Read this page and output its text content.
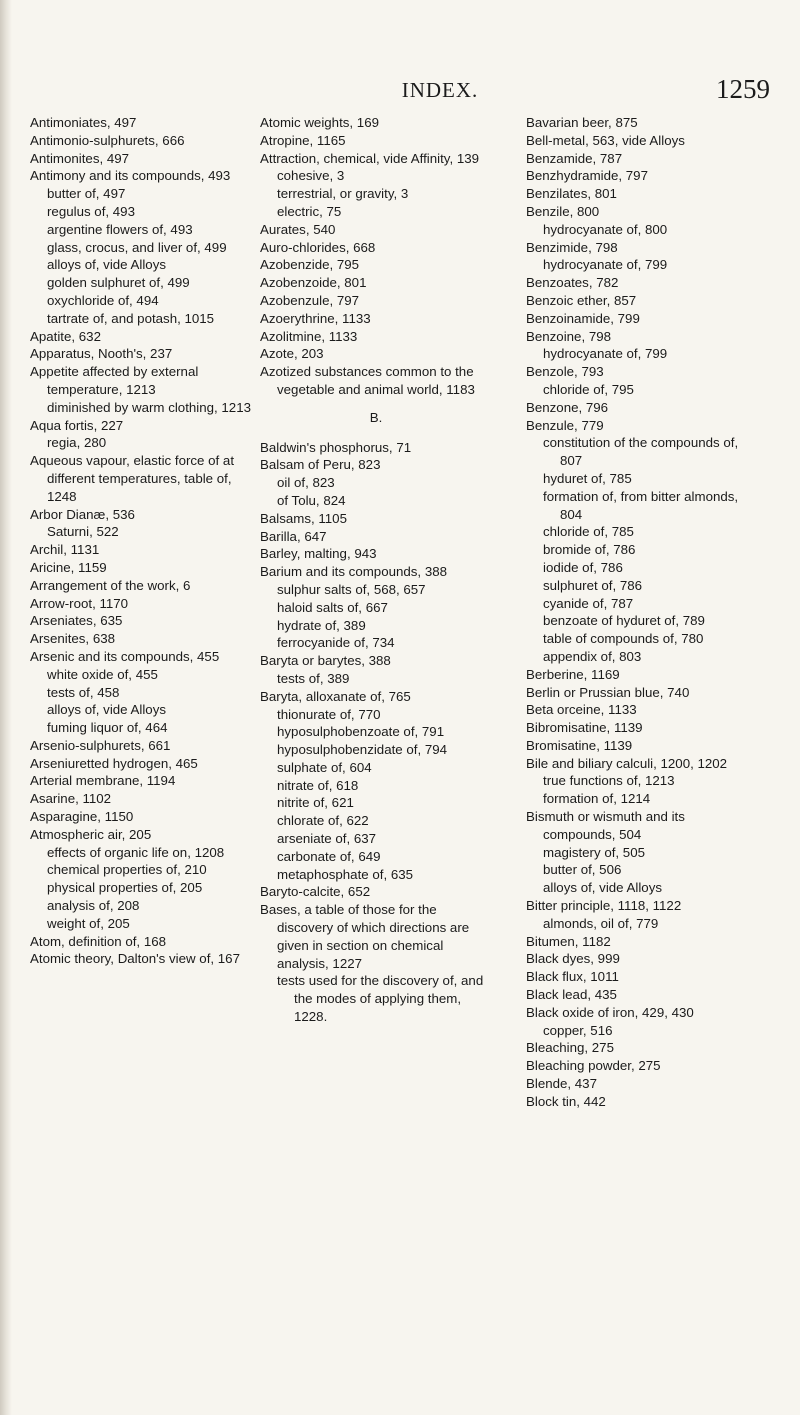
INDEX.	1259
Antimoniates, 497
Antimonio-sulphurets, 666
Antimonites, 497
Antimony and its compounds, 493
butter of, 497
regulus of, 493
argentine flowers of, 493
glass, crocus, and liver of, 499
alloys of, vide Alloys
golden sulphuret of, 499
oxychloride of, 494
tartrate of, and potash, 1015
Apatite, 632
Apparatus, Nooth's, 237
Appetite affected by external temperature, 1213
diminished by warm clothing, 1213
Aqua fortis, 227
regia, 280
Aqueous vapour, elastic force of at different temperatures, table of, 1248
Arbor Dianæ, 536
Saturni, 522
Archil, 1131
Aricine, 1159
Arrangement of the work, 6
Arrow-root, 1170
Arseniates, 635
Arsenites, 638
Arsenic and its compounds, 455
white oxide of, 455
tests of, 458
alloys of, vide Alloys
fuming liquor of, 464
Arsenio-sulphurets, 661
Arseniuretted hydrogen, 465
Arterial membrane, 1194
Asarine, 1102
Asparagine, 1150
Atmospheric air, 205
effects of organic life on, 1208
chemical properties of, 210
physical properties of, 205
analysis of, 208
weight of, 205
Atom, definition of, 168
Atomic theory, Dalton's view of, 167
Atomic weights, 169
Atropine, 1165
Attraction, chemical, vide Affinity, 139
cohesive, 3
terrestrial, or gravity, 3
electric, 75
Aurates, 540
Auro-chlorides, 668
Azobenzide, 795
Azobenzoide, 801
Azobenzule, 797
Azoerythrine, 1133
Azolitmine, 1133
Azote, 203
Azotized substances common to the vegetable and animal world, 1183
B.
Baldwin's phosphorus, 71
Balsam of Peru, 823
oil of, 823
of Tolu, 824
Balsams, 1105
Barilla, 647
Barley, malting, 943
Barium and its compounds, 388
sulphur salts of, 568, 657
haloid salts of, 667
hydrate of, 389
ferrocyanide of, 734
Baryta or barytes, 388
tests of, 389
Baryta, alloxanate of, 765
thionurate of, 770
hyposulphobenzoate of, 791
hyposulphobenzidate of, 794
sulphate of, 604
nitrate of, 618
nitrite of, 621
chlorate of, 622
arseniate of, 637
carbonate of, 649
metaphosphate of, 635
Baryto-calcite, 652
Bases, a table of those for the discovery of which directions are given in section on chemical analysis, 1227
tests used for the discovery of, and the modes of applying them, 1228.
Bavarian beer, 875
Bell-metal, 563, vide Alloys
Benzamide, 787
Benzhydramide, 797
Benzilates, 801
Benzile, 800
hydrocyanate of, 800
Benzimide, 798
hydrocyanate of, 799
Benzoates, 782
Benzoic ether, 857
Benzoinamide, 799
Benzoine, 798
hydrocyanate of, 799
Benzole, 793
chloride of, 795
Benzone, 796
Benzule, 779
constitution of the compounds of, 807
hyduret of, 785
formation of, from bitter almonds, 804
chloride of, 785
bromide of, 786
iodide of, 786
sulphuret of, 786
cyanide of, 787
benzoate of hyduret of, 789
table of compounds of, 780
appendix of, 803
Berberine, 1169
Berlin or Prussian blue, 740
Beta orceine, 1133
Bibromisatine, 1139
Bromisatine, 1139
Bile and biliary calculi, 1200, 1202
true functions of, 1213
formation of, 1214
Bismuth or wismuth and its compounds, 504
magistery of, 505
butter of, 506
alloys of, vide Alloys
Bitter principle, 1118, 1122
almonds, oil of, 779
Bitumen, 1182
Black dyes, 999
Black flux, 1011
Black lead, 435
Black oxide of iron, 429, 430
copper, 516
Bleaching, 275
Bleaching powder, 275
Blende, 437
Block tin, 442
